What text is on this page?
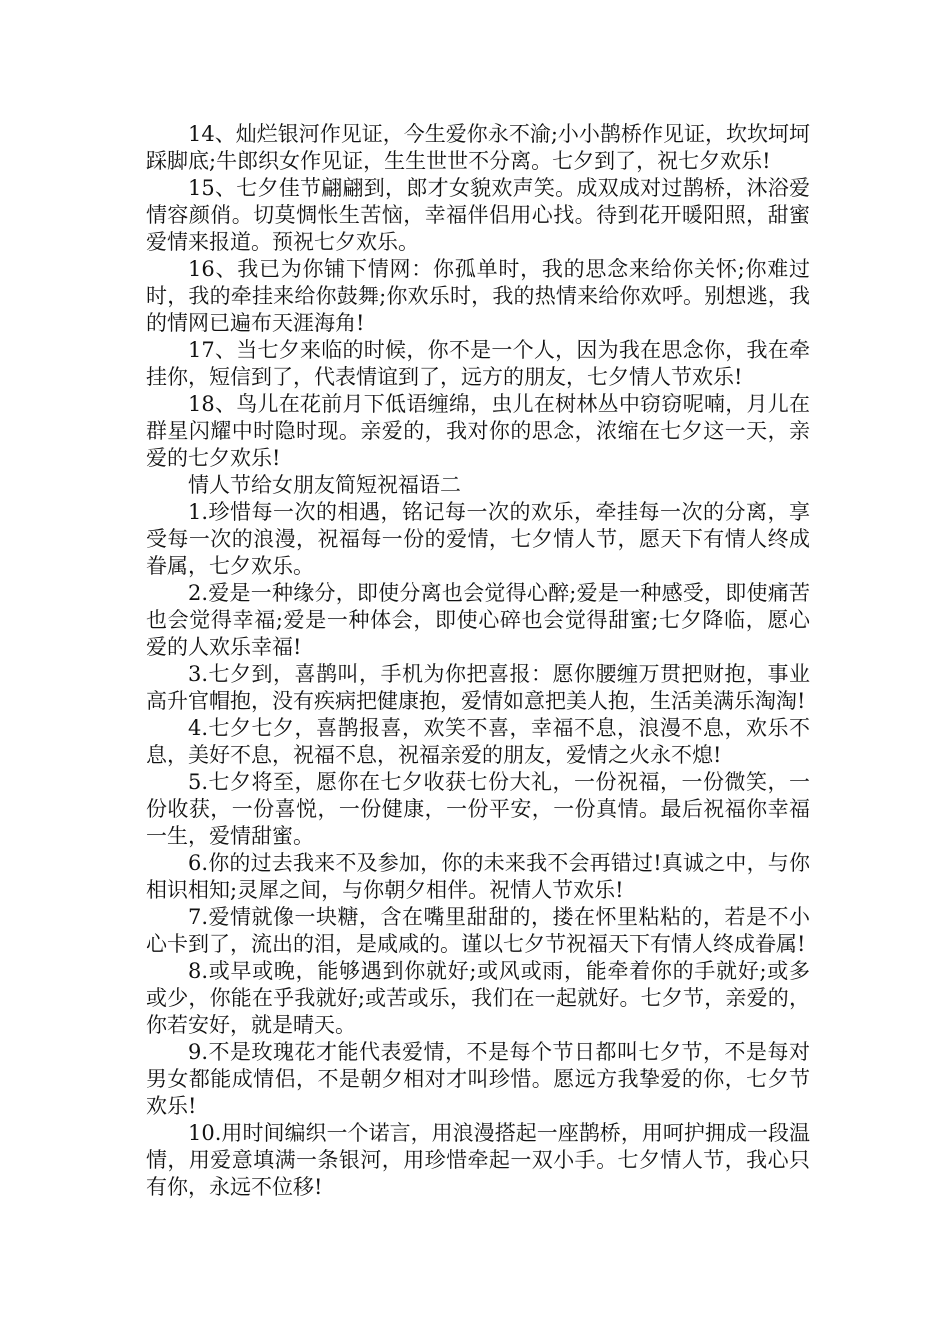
14、灿烂银河作见证，今生爱你永不渝;小小鹊桥作见证，坎坎坷坷踩脚底;牛郎织女作见证，生生世世不分离。七夕到了，祝七夕欢乐!

15、七夕佳节翩翩到，郎才女貌欢声笑。成双成对过鹊桥，沐浴爱情容颜俏。切莫惆怅生苦恼，幸福伴侣用心找。待到花开暖阳照，甜蜜爱情来报道。预祝七夕欢乐。

16、我已为你铺下情网：你孤单时，我的思念来给你关怀;你难过时，我的牵挂来给你鼓舞;你欢乐时，我的热情来给你欢呼。别想逃，我的情网已遍布天涯海角!

17、当七夕来临的时候，你不是一个人，因为我在思念你，我在牵挂你，短信到了，代表情谊到了，远方的朋友，七夕情人节欢乐!

18、鸟儿在花前月下低语缠绵，虫儿在树林丛中窃窃呢喃，月儿在群星闪耀中时隐时现。亲爱的，我对你的思念，浓缩在七夕这一天，亲爱的七夕欢乐!

情人节给女朋友简短祝福语二

1.珍惜每一次的相遇，铭记每一次的欢乐，牵挂每一次的分离，享受每一次的浪漫，祝福每一份的爱情，七夕情人节，愿天下有情人终成眷属，七夕欢乐。

2.爱是一种缘分，即使分离也会觉得心醉;爱是一种感受，即使痛苦也会觉得幸福;爱是一种体会，即使心碎也会觉得甜蜜;七夕降临，愿心爱的人欢乐幸福!

3.七夕到，喜鹊叫，手机为你把喜报：愿你腰缠万贯把财抱，事业高升官帽抱，没有疾病把健康抱，爱情如意把美人抱，生活美满乐淘淘!

4.七夕七夕，喜鹊报喜，欢笑不喜，幸福不息，浪漫不息，欢乐不息，美好不息，祝福不息，祝福亲爱的朋友，爱情之火永不熄!

5.七夕将至，愿你在七夕收获七份大礼，一份祝福，一份微笑，一份收获，一份喜悦，一份健康，一份平安，一份真情。最后祝福你幸福一生，爱情甜蜜。

6.你的过去我来不及参加，你的未来我不会再错过!真诚之中，与你相识相知;灵犀之间，与你朝夕相伴。祝情人节欢乐!

7.爱情就像一块糖，含在嘴里甜甜的，搂在怀里粘粘的，若是不小心卡到了，流出的泪，是咸咸的。谨以七夕节祝福天下有情人终成眷属!

8.或早或晚，能够遇到你就好;或风或雨，能牵着你的手就好;或多或少，你能在乎我就好;或苦或乐，我们在一起就好。七夕节，亲爱的，你若安好，就是晴天。

9.不是玫瑰花才能代表爱情，不是每个节日都叫七夕节，不是每对男女都能成情侣，不是朝夕相对才叫珍惜。愿远方我挚爱的你，七夕节欢乐!

10.用时间编织一个诺言，用浪漫搭起一座鹊桥，用呵护拥成一段温情，用爱意填满一条银河，用珍惜牵起一双小手。七夕情人节，我心只有你，永远不位移!
